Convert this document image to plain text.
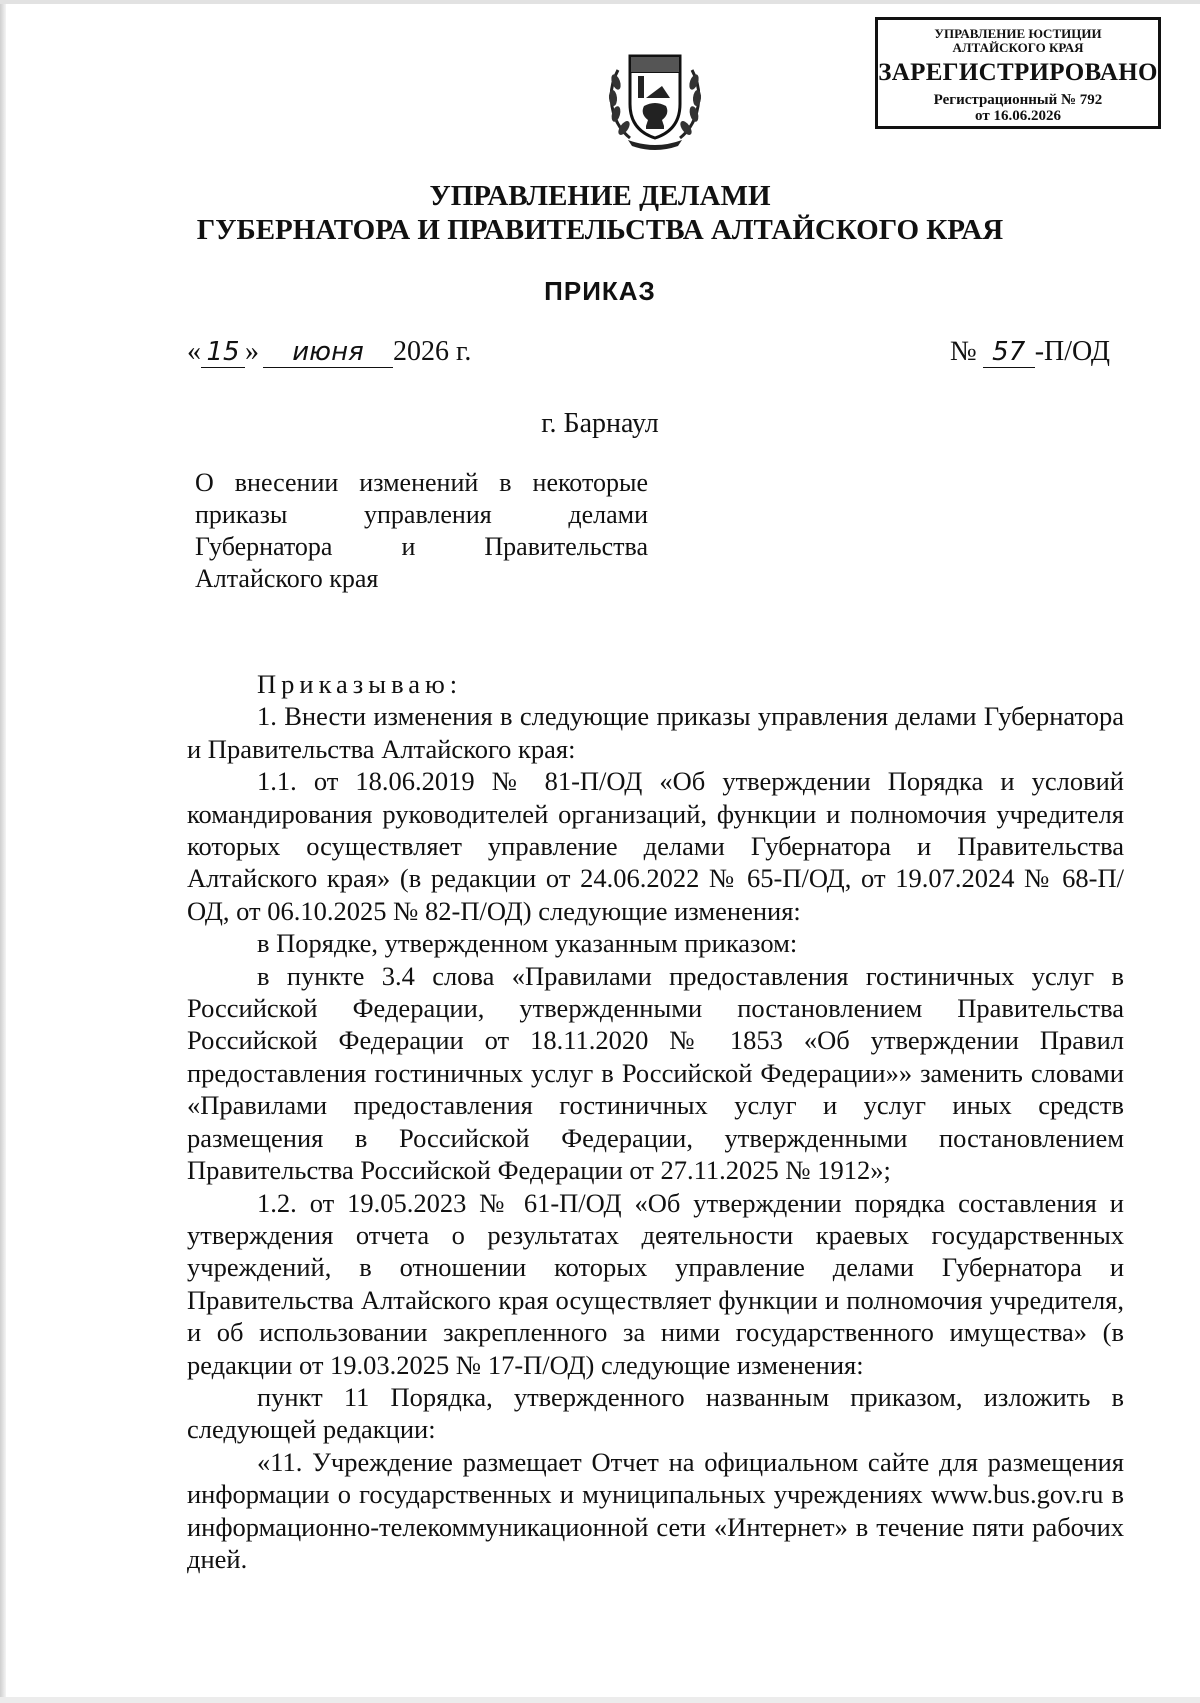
УПРАВЛЕНИЕ ЮСТИЦИИ
АЛТАЙСКОГО КРАЯ
ЗАРЕГИСТРИРОВАНО
Регистрационный № 792
от 16.06.2026
УПРАВЛЕНИЕ ДЕЛАМИ
ГУБЕРНАТОРА И ПРАВИТЕЛЬСТВА АЛТАЙСКОГО КРАЯ
ПРИКАЗ
« 15 » июня 2026 г.	№ 57 -П/ОД
г. Барнаул
О внесении изменений в некоторые приказы управления делами Губернатора и Правительства Алтайского края

Приказываю:

1. Внести изменения в следующие приказы управления делами Губернатора и Правительства Алтайского края:

1.1. от 18.06.2019 № 81-П/ОД «Об утверждении Порядка и условий командирования руководителей организаций, функции и полномочия учредителя которых осуществляет управление делами Губернатора и Правительства Алтайского края» (в редакции от 24.06.2022 № 65-П/ОД, от 19.07.2024 № 68-П/ОД, от 06.10.2025 № 82-П/ОД) следующие изменения:

в Порядке, утвержденном указанным приказом:

в пункте 3.4 слова «Правилами предоставления гостиничных услуг в Российской Федерации, утвержденными постановлением Правительства Российской Федерации от 18.11.2020 № 1853 «Об утверждении Правил предоставления гостиничных услуг в Российской Федерации»» заменить словами «Правилами предоставления гостиничных услуг и услуг иных средств размещения в Российской Федерации, утвержденными постановлением Правительства Российской Федерации от 27.11.2025 № 1912»;

1.2. от 19.05.2023 № 61-П/ОД «Об утверждении порядка составления и утверждения отчета о результатах деятельности краевых государственных учреждений, в отношении которых управление делами Губернатора и Правительства Алтайского края осуществляет функции и полномочия учредителя, и об использовании закрепленного за ними государственного имущества» (в редакции от 19.03.2025 № 17-П/ОД) следующие изменения:

пункт 11 Порядка, утвержденного названным приказом, изложить в следующей редакции:

«11. Учреждение размещает Отчет на официальном сайте для размещения информации о государственных и муниципальных учреждениях www.bus.gov.ru в информационно-телекоммуникационной сети «Интернет» в течение пяти рабочих дней.
